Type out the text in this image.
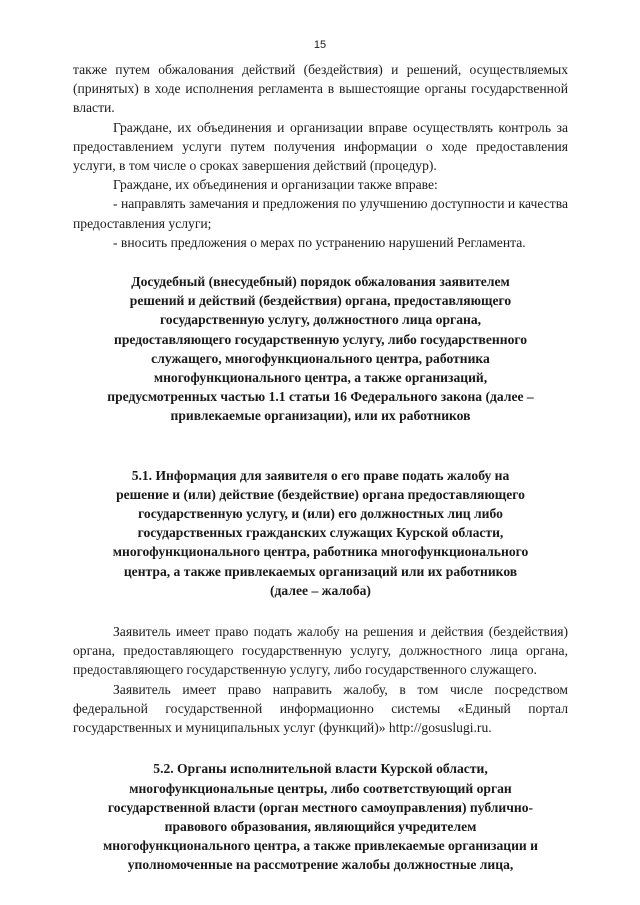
15

также путем обжалования действий (бездействия) и решений, осуществляемых (принятых) в ходе исполнения регламента в вышестоящие органы государственной власти.

Граждане, их объединения и организации вправе осуществлять контроль за предоставлением услуги путем получения информации о ходе предоставления услуги, в том числе о сроках завершения действий (процедур).

Граждане, их объединения и организации также вправе:

- направлять замечания и предложения по улучшению доступности и качества предоставления услуги;

- вносить предложения о мерах по устранению нарушений Регламента.

Досудебный (внесудебный) порядок обжалования заявителем
решений и действий (бездействия) органа, предоставляющего
государственную услугу, должностного лица органа,
предоставляющего государственную услугу, либо государственного
служащего, многофункционального центра, работника
многофункционального центра, а также организаций,
предусмотренных частью 1.1 статьи 16 Федерального закона (далее –
привлекаемые организации), или их работников
5.1. Информация для заявителя о его праве подать жалобу на
решение и (или) действие (бездействие) органа предоставляющего
государственную услугу, и (или) его должностных лиц либо
государственных гражданских служащих Курской области,
многофункционального центра, работника многофункционального
центра, а также привлекаемых организаций или их работников
(далее – жалоба)

Заявитель имеет право подать жалобу на решения и действия (бездействия) органа, предоставляющего государственную услугу, должностного лица органа, предоставляющего государственную услугу, либо государственного служащего.

Заявитель имеет право направить жалобу, в том числе посредством федеральной государственной информационно системы «Единый портал государственных и муниципальных услуг (функций)» http://gosuslugi.ru.

5.2. Органы исполнительной власти Курской области,
многофункциональные центры, либо соответствующий орган
государственной власти (орган местного самоуправления) публично-
правового образования, являющийся учредителем
многофункционального центра, а также привлекаемые организации и
уполномоченные на рассмотрение жалобы должностные лица,
